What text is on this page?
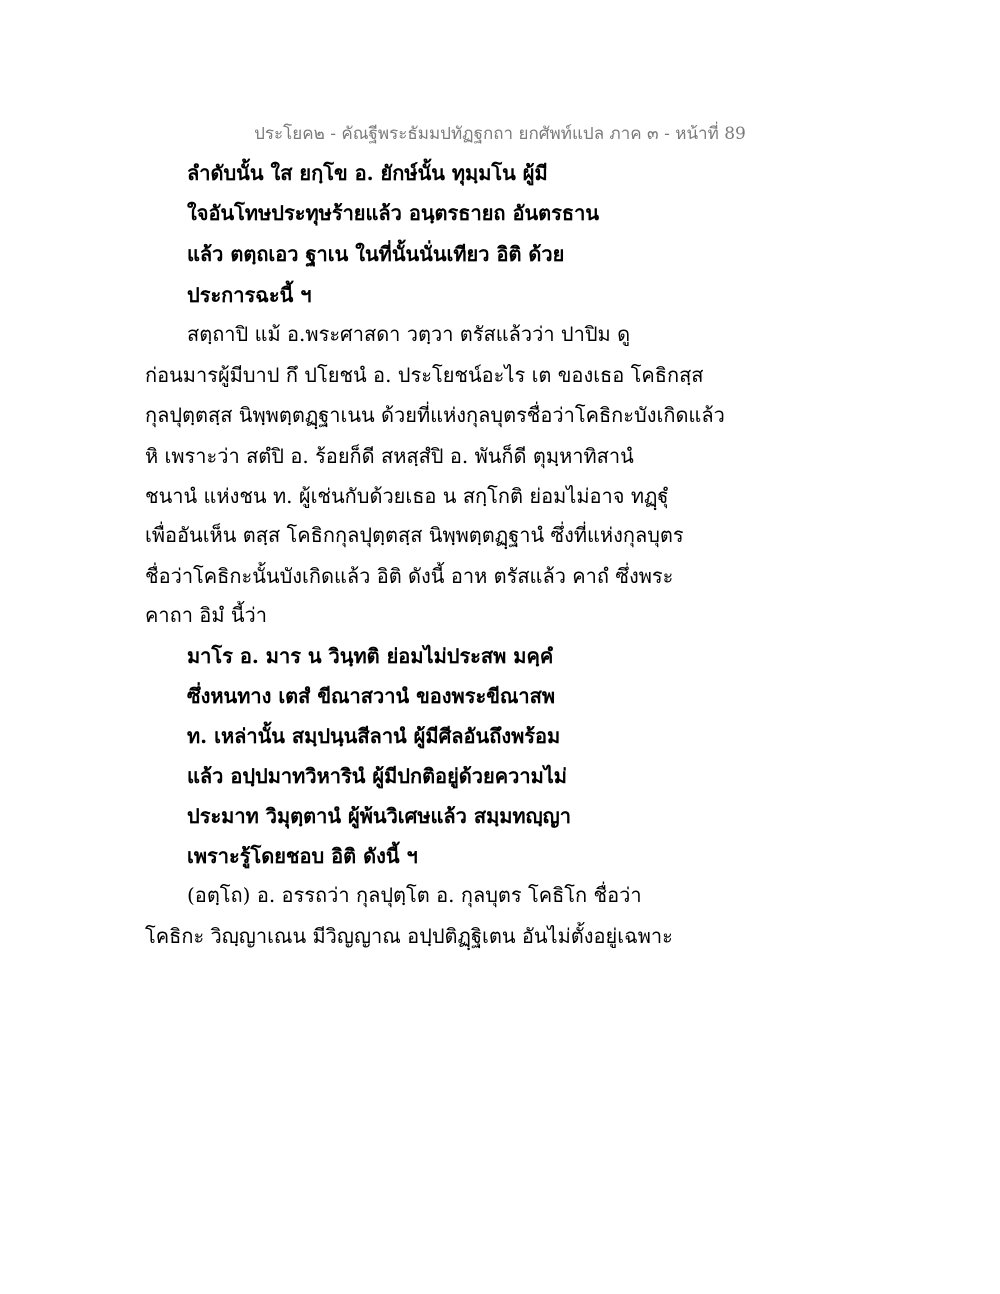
ประโยค๒ - คัณฐีพระธัมมปทัฏฐกถา ยกศัพท์แปล ภาค ๓ - หน้าที่ 89
ลำดับนั้น ใส ยกฺโข อ. ยักษ์นั้น ทุมฺมโน ผู้มี
ใจอันโทษประทุษร้ายแล้ว อนฺตรธายถ อันตรธาน
แล้ว ตตฺถเอว ฐาเน ในที่นั้นนั่นเทียว อิติ ด้วย
ประการฉะนี้ ฯ
สตฺถาปิ แม้ อ.พระศาสดา วตฺวา ตรัสแล้วว่า ปาปิม ดู
ก่อนมารผู้มีบาป กึ ปโยชนํ อ. ประโยชน์อะไร เต ของเธอ โคธิกสฺส
กุลปุตฺตสฺส นิพฺพตฺตฏฺฐาเนน ด้วยที่แห่งกุลบุตรชื่อว่าโคธิกะบังเกิดแล้ว
หิ เพราะว่า สตํปิ อ. ร้อยก็ดี สหสฺสํปิ อ. พันก็ดี ตุมฺหาทิสานํ
ชนานํ แห่งชน ท. ผู้เช่นกับด้วยเธอ น สกฺโกติ ย่อมไม่อาจ ทฏฺฐุํ
เพื่ออันเห็น ตสฺส โคธิกกุลปุตฺตสฺส นิพฺพตฺตฏฺฐานํ ซึ่งที่แห่งกุลบุตร
ชื่อว่าโคธิกะนั้นบังเกิดแล้ว อิติ ดังนี้ อาห ตรัสแล้ว คาถํ ซึ่งพระ
คาถา อิมํ นี้ว่า
มาโร อ. มาร น วินฺทติ ย่อมไม่ประสพ มคฺคํ
ซึ่งหนทาง เตสํ ขีณาสวานํ ของพระขีณาสพ
ท. เหล่านั้น สมฺปนฺนสีลานํ ผู้มีศีลอันถึงพร้อม
แล้ว อปฺปมาทวิหารินํ ผู้มีปกติอยู่ด้วยความไม่
ประมาท วิมุตฺตานํ ผู้พ้นวิเศษแล้ว สมฺมทญฺญา
เพราะรู้โดยชอบ อิติ ดังนี้ ฯ
(อตฺโถ) อ. อรรถว่า กุลปุตฺโต อ. กุลบุตร โคธิโก ชื่อว่า
โคธิกะ วิญฺญาเณน มีวิญญาณ อปฺปติฏฺฐิเตน อันไม่ตั้งอยู่เฉพาะ
